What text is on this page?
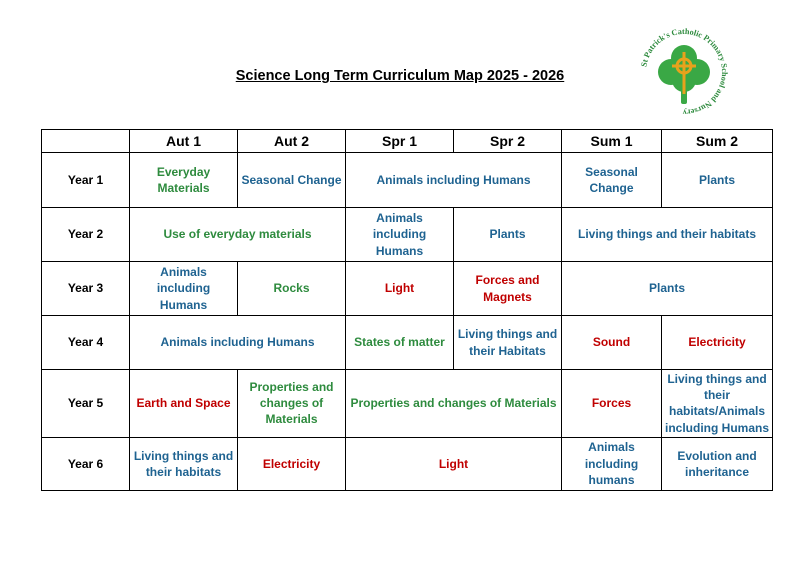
Science Long Term Curriculum Map 2025 - 2026
St Patrick's Catholic Primary School and Nursery
	Aut 1	Aut 2	Spr 1	Spr 2	Sum 1	Sum 2
Year 1	Everyday Materials	Seasonal Change	Animals including Humans		Seasonal Change	Plants
Year 2	Use of everyday materials		Animals including Humans	Plants	Living things and their habitats	
Year 3	Animals including Humans	Rocks	Light	Forces and Magnets	Plants	
Year 4	Animals including Humans		States of matter	Living things and their Habitats	Sound	Electricity
Year 5	Earth and Space	Properties and changes of Materials	Properties and changes of Materials		Forces	Living things and their habitats/Animals including Humans
Year 6	Living things and their habitats	Electricity	Light		Animals including humans	Evolution and inheritance
